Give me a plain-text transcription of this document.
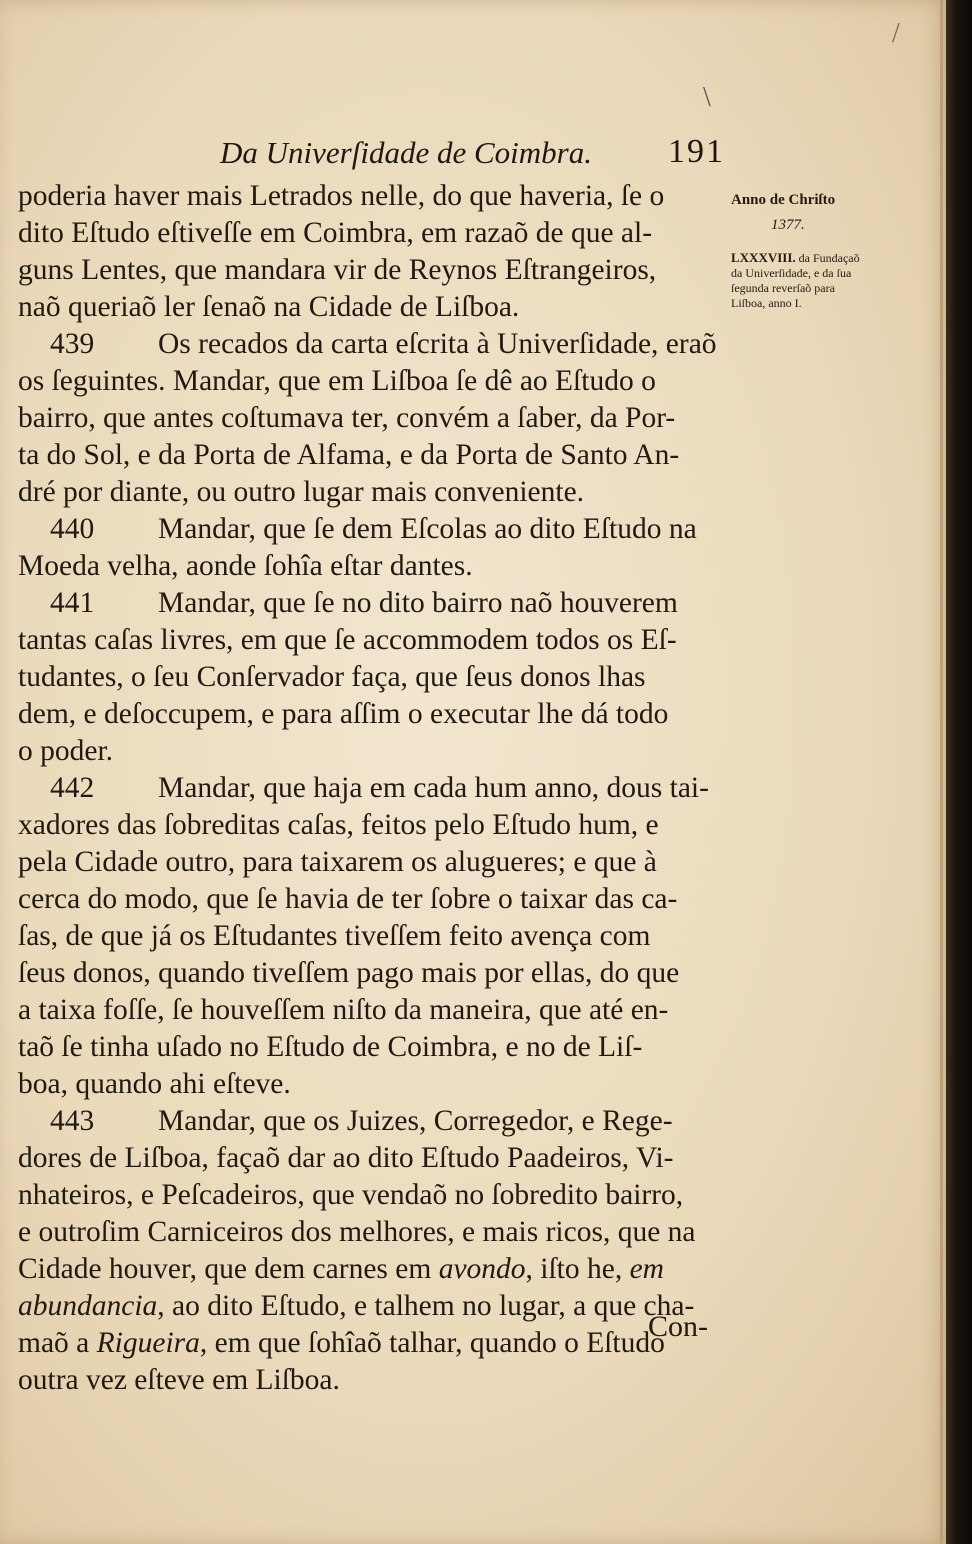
\
/
Da Univerſidade de Coimbra. 191

poderia haver mais Letrados nelle, do que haveria, ſe o

dito Eſtudo eſtiveſſe em Coimbra, em razaõ de que al-

guns Lentes, que mandara vir de Reynos Eſtrangeiros,

naõ queriaõ ler ſenaõ na Cidade de Liſboa.

439 Os recados da carta eſcrita à Univerſidade, eraõ

os ſeguintes. Mandar, que em Liſboa ſe dê ao Eſtudo o

bairro, que antes coſtumava ter, convém a ſaber, da Por-

ta do Sol, e da Porta de Alfama, e da Porta de Santo An-

dré por diante, ou outro lugar mais conveniente.

440 Mandar, que ſe dem Eſcolas ao dito Eſtudo na

Moeda velha, aonde ſohîa eſtar dantes.

441 Mandar, que ſe no dito bairro naõ houverem

tantas caſas livres, em que ſe accommodem todos os Eſ-

tudantes, o ſeu Conſervador faça, que ſeus donos lhas

dem, e deſoccupem, e para aſſim o executar lhe dá todo

o poder.

442 Mandar, que haja em cada hum anno, dous tai-

xadores das ſobreditas caſas, feitos pelo Eſtudo hum, e

pela Cidade outro, para taixarem os alugueres; e que à

cerca do modo, que ſe havia de ter ſobre o taixar das ca-

ſas, de que já os Eſtudantes tiveſſem feito avença com

ſeus donos, quando tiveſſem pago mais por ellas, do que

a taixa foſſe, ſe houveſſem niſto da maneira, que até en-

taõ ſe tinha uſado no Eſtudo de Coimbra, e no de Liſ-

boa, quando ahi eſteve.

443 Mandar, que os Juizes, Corregedor, e Rege-

dores de Liſboa, façaõ dar ao dito Eſtudo Paadeiros, Vi-

nhateiros, e Peſcadeiros, que vendaõ no ſobredito bairro,

e outroſim Carniceiros dos melhores, e mais ricos, que na

Cidade houver, que dem carnes em avondo, iſto he, em

abundancia, ao dito Eſtudo, e talhem no lugar, a que cha-

maõ a Rigueira, em que ſohîaõ talhar, quando o Eſtudo

outra vez eſteve em Liſboa.

Anno de Chriſto
1377.
LXXXVIII. da Fundaçaõ da Univerſidade, e da ſua ſegunda reverſaõ para Liſboa, anno I.
Con-
